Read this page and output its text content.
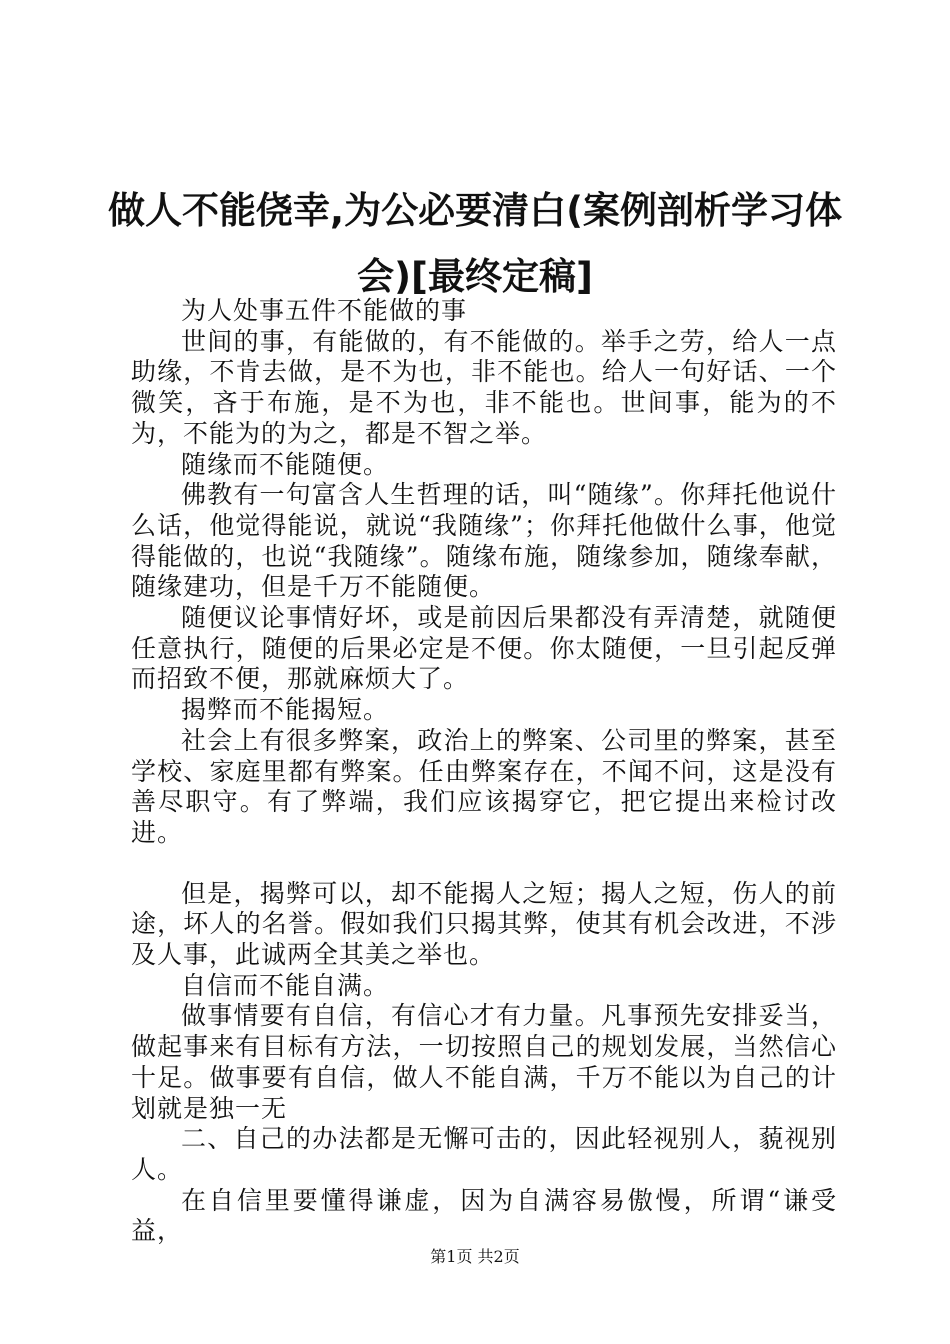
做人不能侥幸,为公必要清白(案例剖析学习体会)[最终定稿]

为人处事五件不能做的事

世间的事，有能做的，有不能做的。举手之劳，给人一点助缘，不肯去做，是不为也，非不能也。给人一句好话、一个微笑，吝于布施，是不为也，非不能也。世间事，能为的不为，不能为的为之，都是不智之举。

随缘而不能随便。

佛教有一句富含人生哲理的话，叫“随缘”。你拜托他说什么话，他觉得能说，就说“我随缘”；你拜托他做什么事，他觉得能做的，也说“我随缘”。随缘布施，随缘参加，随缘奉献，随缘建功，但是千万不能随便。

随便议论事情好坏，或是前因后果都没有弄清楚，就随便任意执行，随便的后果必定是不便。你太随便，一旦引起反弹而招致不便，那就麻烦大了。

揭弊而不能揭短。

社会上有很多弊案，政治上的弊案、公司里的弊案，甚至学校、家庭里都有弊案。任由弊案存在，不闻不问，这是没有善尽职守。有了弊端，我们应该揭穿它，把它提出来检讨改进。

但是，揭弊可以，却不能揭人之短；揭人之短，伤人的前途，坏人的名誉。假如我们只揭其弊，使其有机会改进，不涉及人事，此诚两全其美之举也。

自信而不能自满。

做事情要有自信，有信心才有力量。凡事预先安排妥当，做起事来有目标有方法，一切按照自己的规划发展，当然信心十足。做事要有自信，做人不能自满，千万不能以为自己的计划就是独一无

二、自己的办法都是无懈可击的，因此轻视别人，藐视别人。

在自信里要懂得谦虚，因为自满容易傲慢，所谓“谦受益，

第1页 共2页
